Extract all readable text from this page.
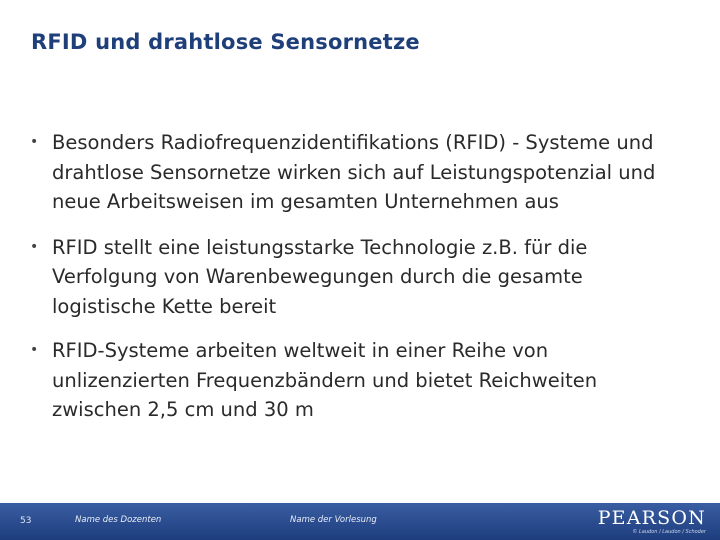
RFID und drahtlose Sensornetze
• Besonders Radiofrequenzidentifikations (RFID) - Systeme und drahtlose Sensornetze wirken sich auf Leistungspotenzial und neue Arbeitsweisen im gesamten Unternehmen aus
• RFID stellt eine leistungsstarke Technologie z.B. für die Verfolgung von Warenbewegungen durch die gesamte logistische Kette bereit
• RFID-Systeme arbeiten weltweit in einer Reihe von unlizenzierten Frequenzbändern und bietet Reichweiten zwischen 2,5 cm und 30 m
53	Name des Dozenten	Name der Vorlesung	PEARSON
© Laudon / Laudon / Schoder
